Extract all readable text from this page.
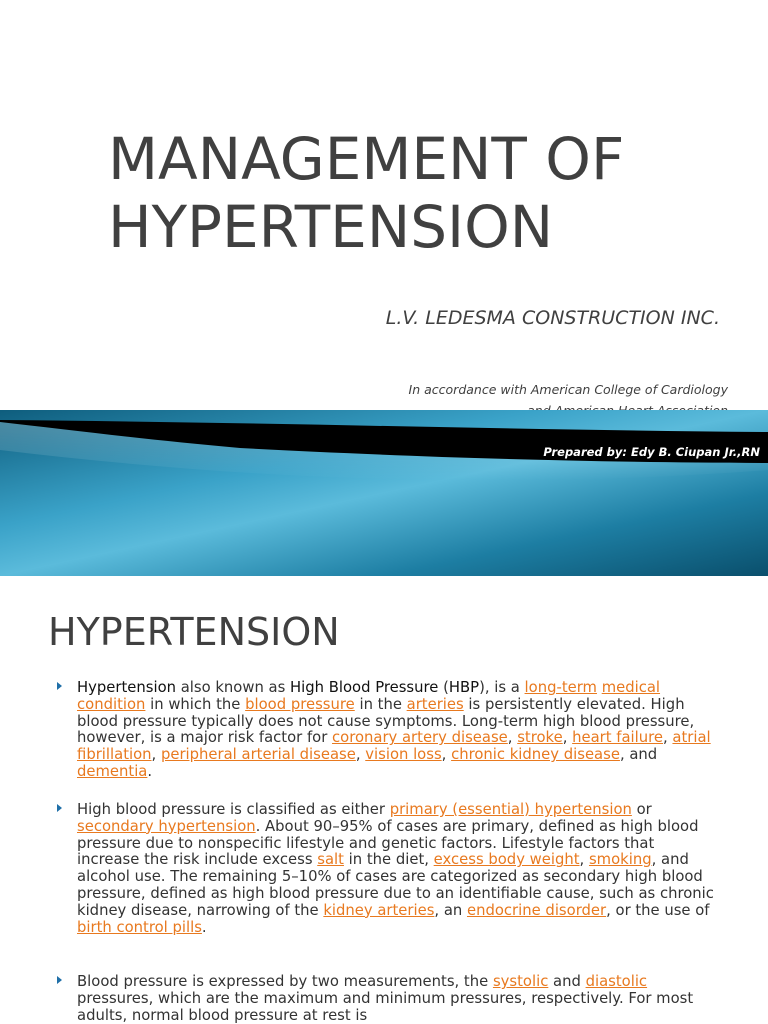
MANAGEMENT OF
HYPERTENSION
L.V. LEDESMA CONSTRUCTION INC.
In accordance with American College of Cardiology
Prepared by: Edy B. Ciupan Jr.,RN
HYPERTENSION
Hypertension also known as High Blood Pressure (HBP), is a long-term medical condition in which the blood pressure in the arteries is persistently elevated. High blood pressure typically does not cause symptoms. Long-term high blood pressure, however, is a major risk factor for coronary artery disease, stroke, heart failure, atrial fibrillation, peripheral arterial disease, vision loss, chronic kidney disease, and dementia.
High blood pressure is classified as either primary (essential) hypertension or secondary hypertension. About 90–95% of cases are primary, defined as high blood pressure due to nonspecific lifestyle and genetic factors. Lifestyle factors that increase the risk include excess salt in the diet, excess body weight, smoking, and alcohol use. The remaining 5–10% of cases are categorized as secondary high blood pressure, defined as high blood pressure due to an identifiable cause, such as chronic kidney disease, narrowing of the kidney arteries, an endocrine disorder, or the use of birth control pills.
Blood pressure is expressed by two measurements, the systolic and diastolic pressures, which are the maximum and minimum pressures, respectively. For most adults, normal blood pressure at rest is
